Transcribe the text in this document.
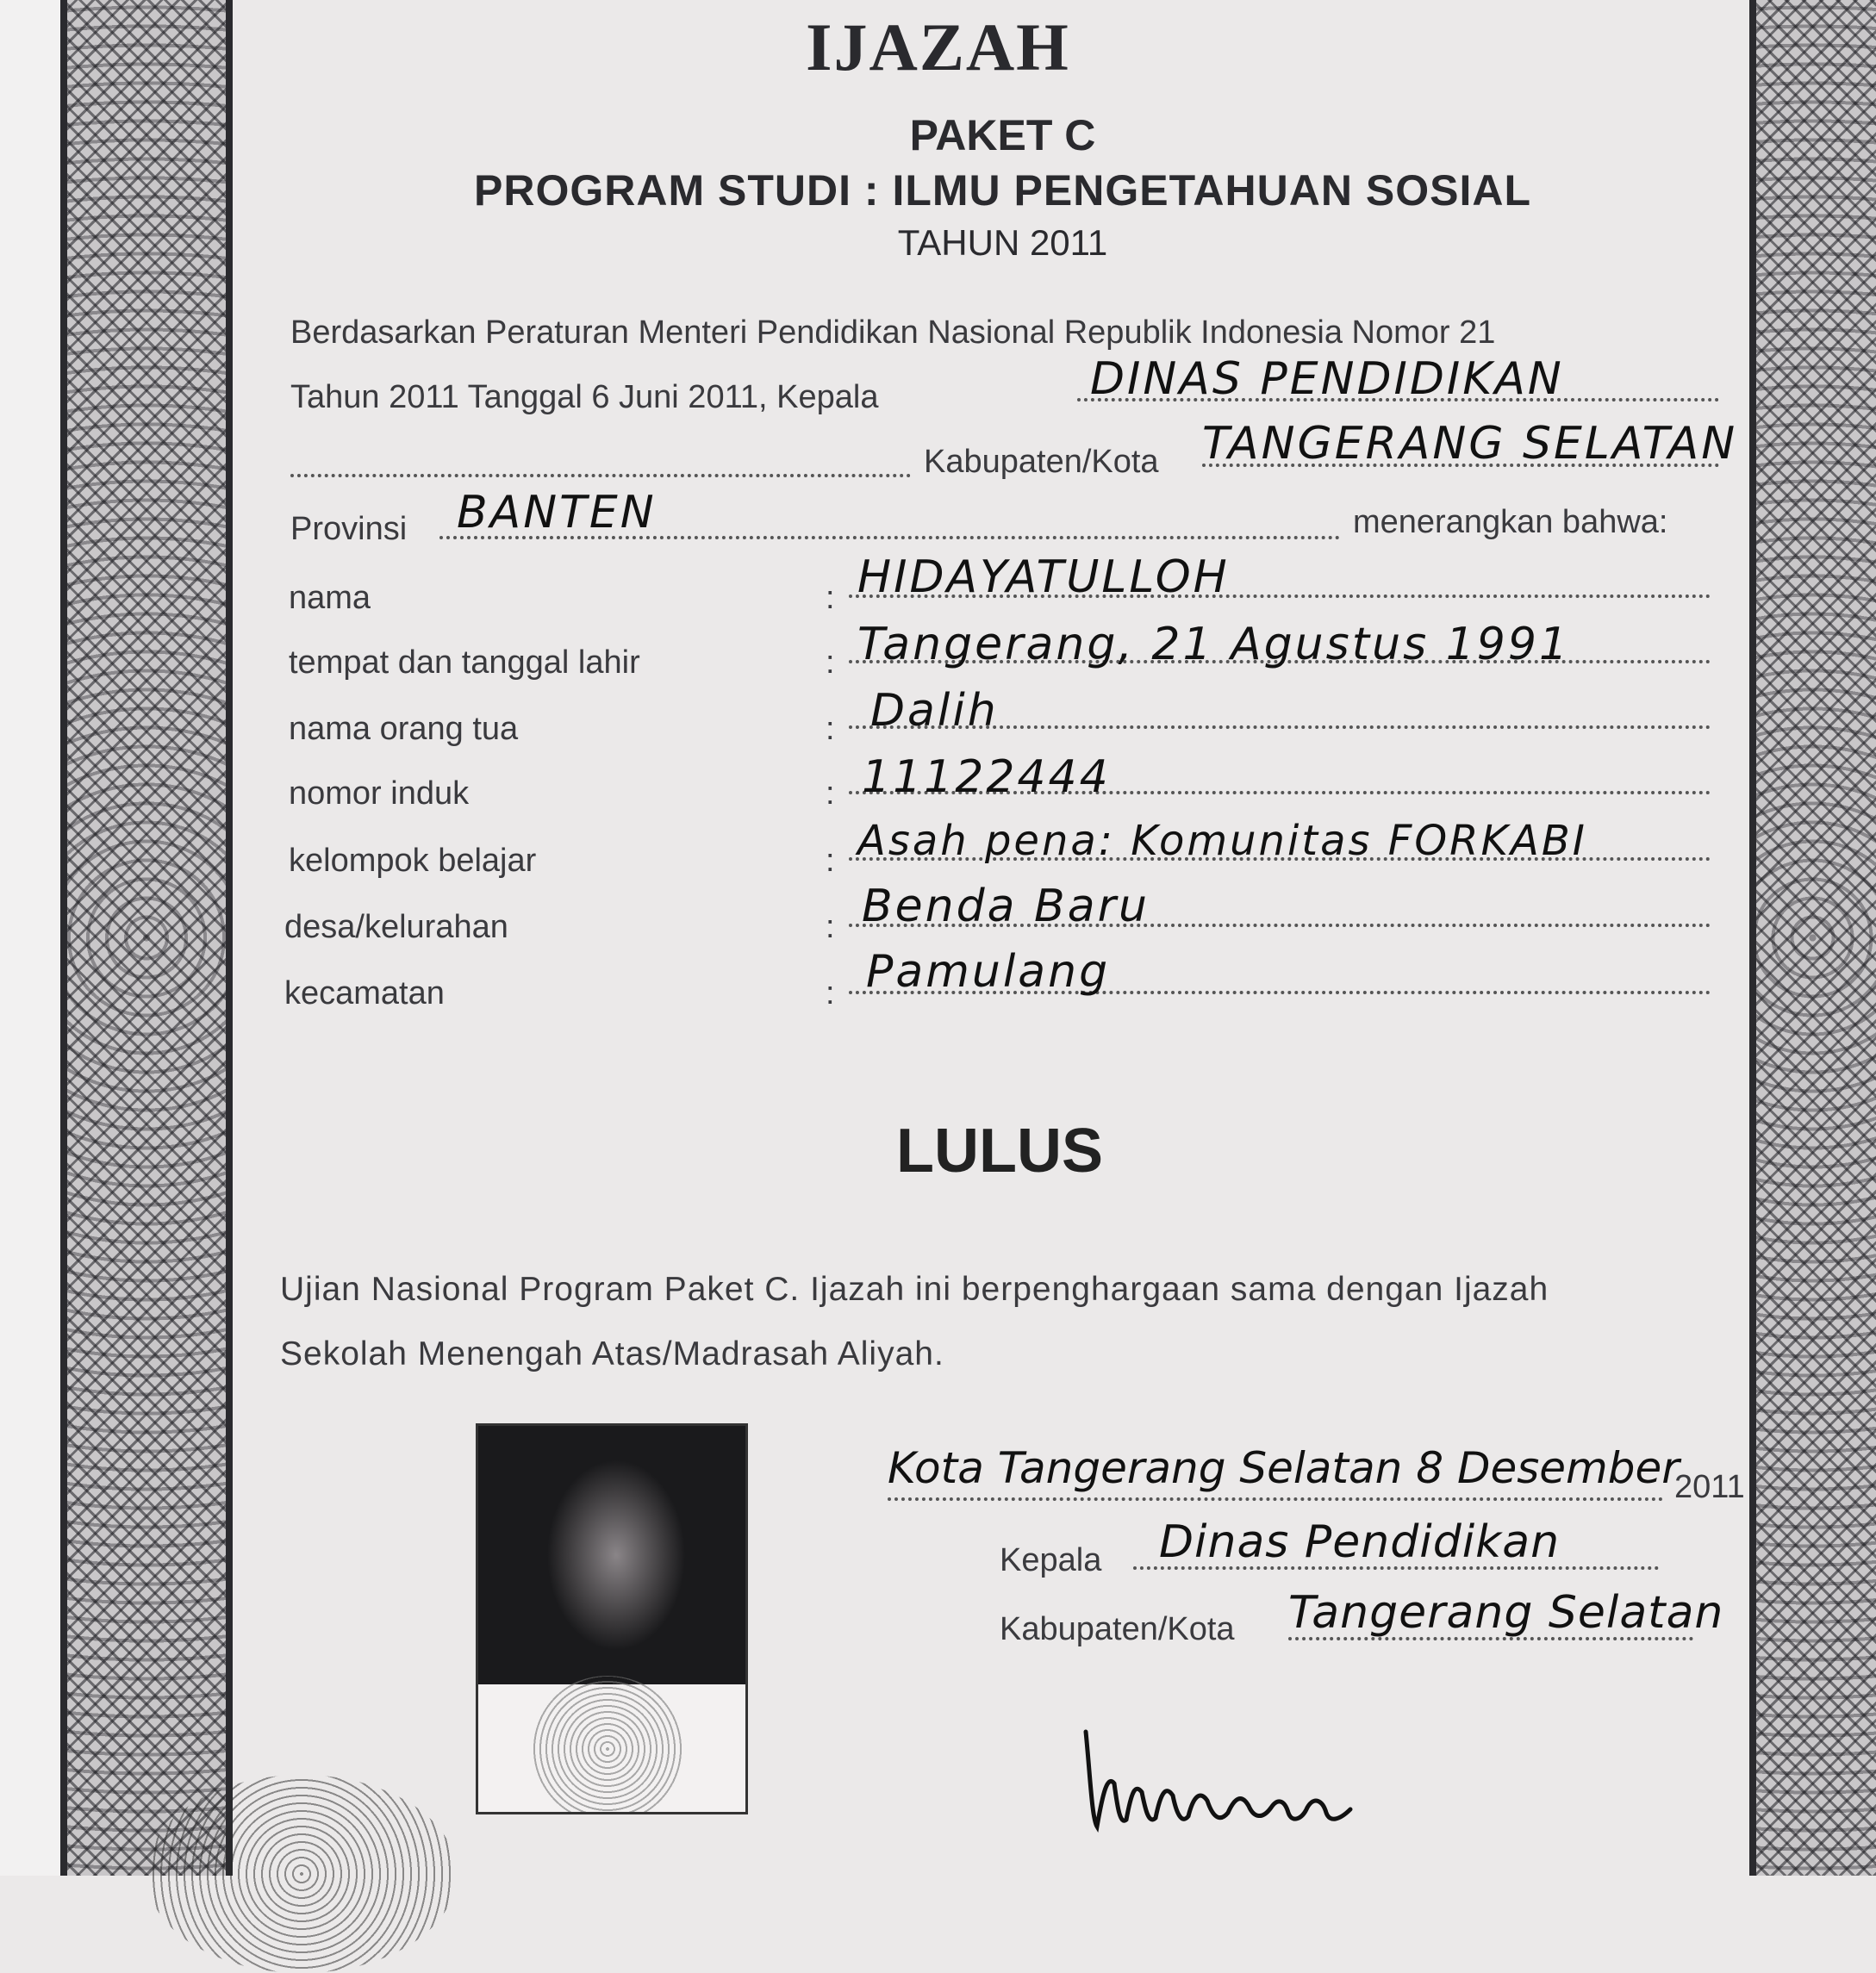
IJAZAH
PAKET C
PROGRAM STUDI : ILMU PENGETAHUAN SOSIAL
TAHUN 2011
Berdasarkan Peraturan Menteri Pendidikan Nasional Republik Indonesia Nomor 21
Tahun 2011 Tanggal 6 Juni 2011, Kepala	DINAS PENDIDIKAN
Kabupaten/Kota TANGERANG SELATAN
Provinsi BANTEN	menerangkan bahwa:
nama	: HIDAYATULLOH
tempat dan tanggal lahir	: Tangerang, 21 Agustus 1991
nama orang tua	: Dalih
nomor induk	: 11122444
kelompok belajar	: Asah pena: Komunitas FORKABI
desa/kelurahan	: Benda Baru
kecamatan	: Pamulang
LULUS
Ujian Nasional Program Paket C. Ijazah ini berpenghargaan sama dengan Ijazah
Sekolah Menengah Atas/Madrasah Aliyah.
Kota Tangerang Selatan 8 Desember
2011
Kepala Dinas Pendidikan
Kabupaten/Kota Tangerang Selatan
